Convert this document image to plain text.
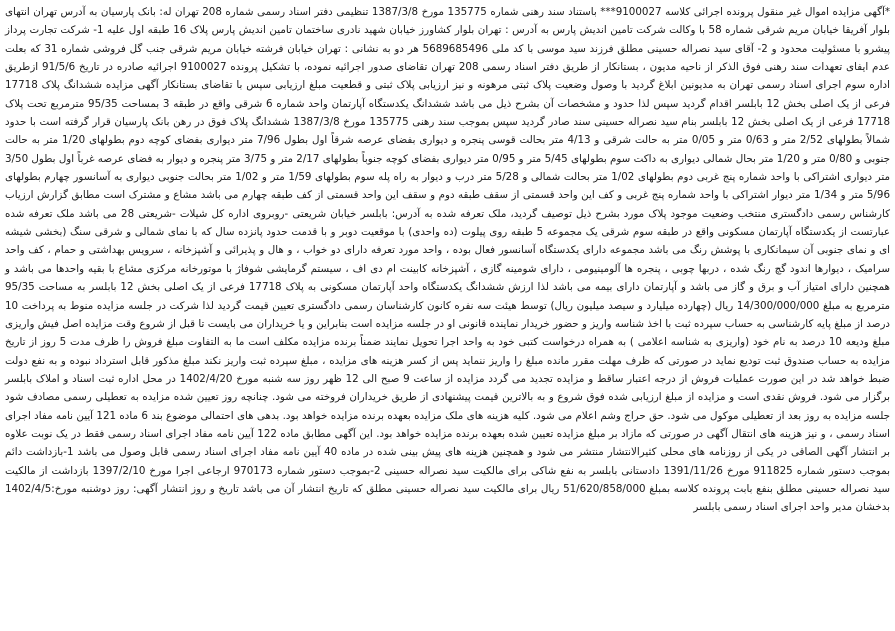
*آگهی مزایده اموال غیر منقول پرونده اجرائی کلاسه 9100027*** باستناد سند رهنی شماره 135775 مورخ 1387/3/8 تنظیمی دفتر اسناد رسمی شماره 208 تهران له: بانک پارسیان به آدرس تهران انتهای بلوار آفریقا خیابان مریم شرقی شماره 58 با وکالت شرکت تامین اندیش پارس به آدرس : تهران بلوار کشاورز خیابان شهید نادری ساختمان تامین اندیش پارس پلاک 16 طبقه اول علیه 1- شرکت تجارت پرداز پیشرو با مسئولیت محدود و 2- آقای سید نصراله حسینی مطلق فرزند سید موسی با کد ملی 5689685496 هر دو به نشانی : تهران خیابان فرشته خیابان مریم شرقی جنب گل فروشی شماره 31 که بعلت عدم ایفای تعهدات سند رهنی فوق الذکر از ناحیه مدیون ، بستانکار از طریق دفتر اسناد رسمی 208 تهران تقاضای صدور اجرائیه نموده، با تشکیل پرونده 9100027 اجرائیه صادره در تاریخ 91/5/6 ازطریق اداره سوم اجرای اسناد رسمی تهران به مدیونین ابلاغ گردید با وصول وضعیت پلاک ثبتی مرهونه و نیز ارزیابی پلاک ثبتی و قطعیت مبلغ ارزیابی سپس با تقاضای بستانکار آگهی مزایده ششدانگ پلاک 17718 فرعی از یک اصلی بخش 12 بابلسر اقدام گردید سپس لذا حدود و مشخصات آن بشرح ذیل می باشد ششدانگ یکدستگاه آپارتمان واحد شماره 6 شرقی واقع در طبقه 3 بمساحت 95/35 مترمربع تحت پلاک 17718 فرعی از یک اصلی بخش 12 بابلسر بنام سید نصراله حسینی سند صادر گردید سپس بموجب سند رهنی 135775 مورخ 1387/3/8 ششدانگ پلاک فوق در رهن بانک پارسیان قرار گرفته است با حدود شمالاً بطولهای 2/52 متر و 0/63 متر و 0/05 متر به حالت شرقی و 4/13 متر بحالت قوسی پنجره و دیواری بفضای عرصه شرقاً اول بطول 7/96 متر دیواری بفضای کوچه دوم بطولهای 1/20 متر به حالت جنوبی و 0/80 متر و 1/20 متر بحال شمالی دیواری به داکت سوم بطولهای 5/45 متر و 0/95 متر دیواری بفضای کوچه جنوباً بطولهای 2/17 متر و 3/75 متر پنجره و دیوار به فضای عرصه غرباً اول بطول 3/50 متر دیواری اشتراکی با واحد شماره پنج غربی دوم بطولهای 1/02 متر بحالت شمالی و 5/28 متر درب و دیوار به راه پله سوم بطولهای 1/59 متر و 1/02 متر بحالت جنوبی دیواری به آسانسور چهارم بطولهای 5/96 متر و 1/34 متر دیوار اشتراکی با واحد شماره پنج غربی و کف این واحد قسمتی از سقف طبقه دوم و سقف این واحد قسمتی از کف طبقه چهارم می باشد مشاع و مشترک است مطابق گزارش ارزیاب کارشناس رسمی دادگستری منتخب وضعیت موجود پلاک مورد بشرح ذیل توصیف گردید، ملک تعرفه شده به آدرس: بابلسر خیابان شریعتی -روبروی اداره کل شیلات -شریعتی 28 می باشد ملک تعرفه شده عبارتست از یکدستگاه آپارتمان مسکونی واقع در طبقه سوم شرقی یک مجموعه 5 طبقه روی پیلوت (ده واحدی) با موقعیت دوبر و با قدمت حدود پانزده سال که با نمای شمالی و شرقی سنگ (بخشی شیشه ای و نمای جنوبی آن سیمانکاری با پوشش رنگ می باشد مجموعه دارای یکدستگاه آسانسور فعال بوده ، واحد مورد تعرفه دارای دو خواب ، و هال و پذیرائی و آشپزخانه ، سرویس بهداشتی و حمام ، کف واحد سرامیک ، دیوارها اندود گچ رنگ شده ، دربها چوبی ، پنجره ها آلومینیومی ، دارای شومینه گازی ، آشپزخانه کابینت ام دی اف ، سیستم گرمایشی شوفاژ با موتورخانه مرکزی مشاع با بقیه واحدها می باشد و همچنین دارای امتیاز آب و برق و گاز می باشد و آپارتمان دارای بیمه می باشد لذا ارزش ششدانگ یکدستگاه واحد آپارتمان مسکونی به پلاک 17718 فرعی از یک اصلی بخش 12 بابلسر به مساحت 95/35 مترمربع به مبلغ 14/300/000/000 ریال (چهارده میلیارد و سیصد میلیون ریال) توسط هیئت سه نفره کانون کارشناسان رسمی دادگستری تعیین قیمت گردید لذا شرکت در جلسه مزایده منوط به پرداخت 10 درصد از مبلغ پایه کارشناسی به حساب سپرده ثبت با اخذ شناسه واریز و حضور خریدار نماینده قانونی او در جلسه مزایده است بنابراین و یا خریداران می بایست تا قبل از شروع وقت مزایده اصل فیش واریزی مبلغ ودیعه 10 درصد به نام خود (واریزی به شناسه اعلامی ) به همراه درخواست کتبی خود به واحد اجرا تحویل نمایند ضمناً برنده مزایده مکلف است ما به التفاوت مبلغ فروش را ظرف مدت 5 روز از تاریخ مزایده به حساب صندوق ثبت تودیع نماید در صورتی که ظرف مهلت مقرر مانده مبلغ را واریز ننماید پس از کسر هزینه های مزایده ، مبلغ سپرده ثبت واریز نکند مبلغ مذکور قابل استرداد نبوده و به نفع دولت ضبط خواهد شد در این صورت عملیات فروش از درجه اعتبار ساقط و مزایده تجدید می گردد مزایده از ساعت 9 صبح الی 12 ظهر روز سه شنبه مورخ 1402/4/20 در محل اداره ثبت اسناد و املاک بابلسر برگزار می شود. فروش نقدی است و مزایده از مبلغ ارزیابی شده فوق شروع و به بالاترین قیمت پیشنهادی از طریق خریداران فروخته می شود. چنانچه روز تعیین شده مزایده به تعطیلی رسمی مصادف شود جلسه مزایده به روز بعد از تعطیلی موکول می شود. حق حراج وشم اعلام می شود. کلیه هزینه های ملک مزایده بعهده برنده مزایده خواهد بود. بدهی های احتمالی موضوع بند 6 ماده 121 آیین نامه مفاد اجرای اسناد رسمی ، و نیز هزینه های انتقال آگهی در صورتی که مازاد بر مبلغ مزایده تعیین شده بعهده برنده مزایده خواهد بود. این آگهی مطابق ماده 122 آیین نامه مفاد اجرای اسناد رسمی فقط در یک نوبت علاوه بر انتشار آگهی الصاقی در یکی از روزنامه های محلی کثیرالانتشار منتشر می شود و همچنین هزینه های پیش بینی شده در ماده 40 آیین نامه مفاد اجرای اسناد رسمی قابل وصول می باشد 1-بازداشت دائم بموجب دستور شماره 911825 مورخ 1391/11/26 دادستانی بابلسر به نفع شاکی برای مالکیت سید نصراله حسینی 2-بموجب دستور شماره 970173 ارجاعی اجرا مورخ 1397/2/10 بازداشت از مالکیت سید نصراله حسینی مطلق بنفع بابت پرونده کلاسه بمبلغ 51/620/858/000 ریال برای مالکیت سید نصراله حسینی مطلق که تاریخ انتشار آن می باشد تاریخ و روز انتشار آگهی: روز دوشنبه مورخ:1402/4/5 بدخشان مدیر واحد اجرای اسناد رسمی بابلسر
